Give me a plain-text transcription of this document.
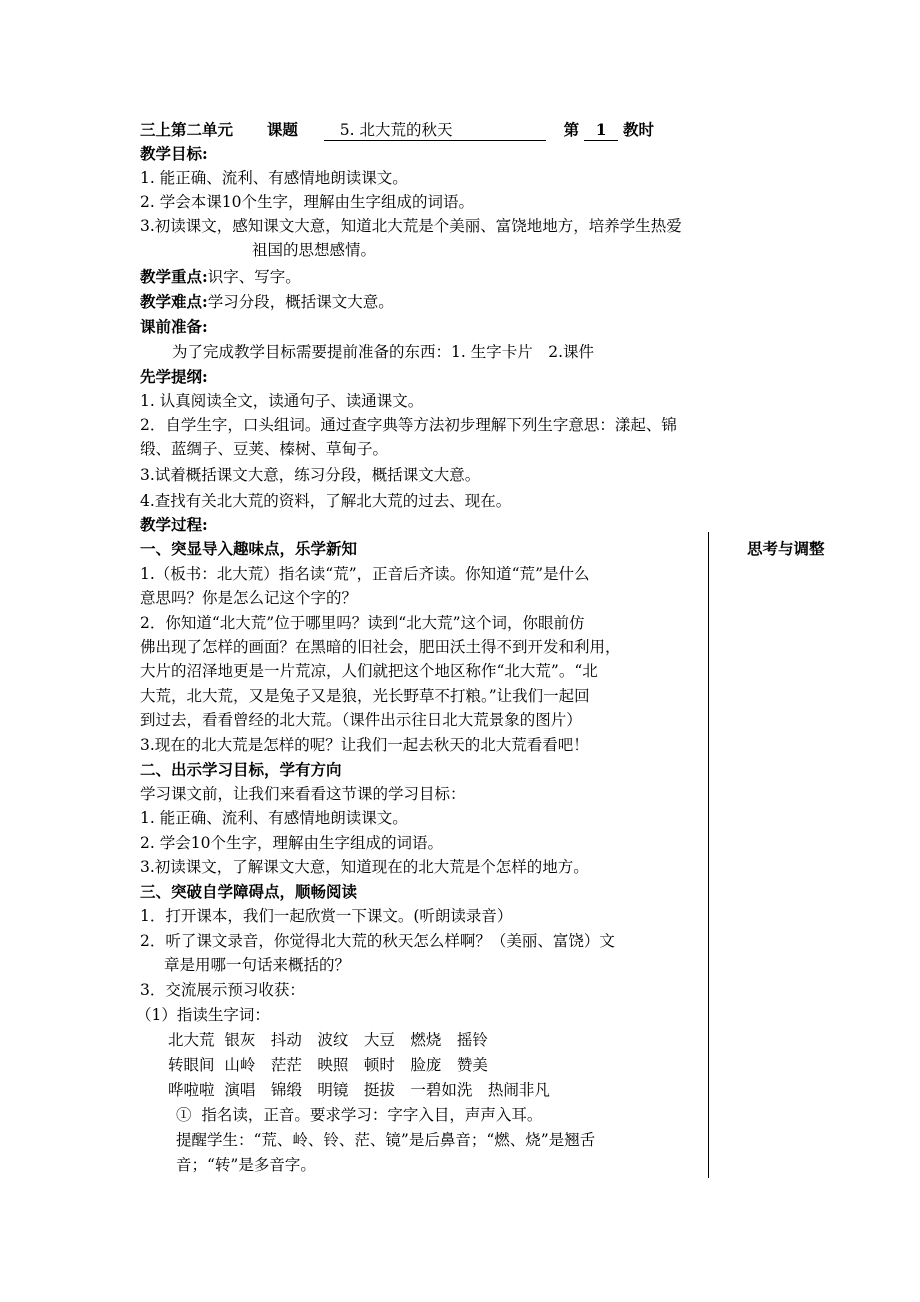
三上第二单元 课题	5. 北大荒的秋天	第 1 教时
教学目标:
1. 能正确、流利、有感情地朗读课文。
2. 学会本课10个生字，理解由生字组成的词语。
3.初读课文，感知课文大意，知道北大荒是个美丽、富饶地地方，培养学生热爱
祖国的思想感情。
教学重点:识字、写字。
教学难点:学习分段，概括课文大意。
课前准备:
为了完成教学目标需要提前准备的东西：1. 生字卡片　2.课件
先学提纲:
1. 认真阅读全文，读通句子、读通课文。
2．自学生字，口头组词。通过查字典等方法初步理解下列生字意思：漾起、锦
缎、蓝绸子、豆荚、榛树、草甸子。
3.试着概括课文大意，练习分段，概括课文大意。
4.查找有关北大荒的资料，了解北大荒的过去、现在。
教学过程:
思考与调整
一、突显导入趣味点，乐学新知
1.（板书：北大荒）指名读“荒”，正音后齐读。你知道“荒”是什么
意思吗？你是怎么记这个字的？
2．你知道“北大荒”位于哪里吗？读到“北大荒”这个词，你眼前仿
佛出现了怎样的画面？在黑暗的旧社会，肥田沃土得不到开发和利用，
大片的沼泽地更是一片荒凉，人们就把这个地区称作“北大荒”。“北
大荒，北大荒，又是兔子又是狼，光长野草不打粮。”让我们一起回
到过去，看看曾经的北大荒。（课件出示往日北大荒景象的图片）
3.现在的北大荒是怎样的呢？让我们一起去秋天的北大荒看看吧！
二、出示学习目标，学有方向
学习课文前，让我们来看看这节课的学习目标：
1. 能正确、流利、有感情地朗读课文。
2. 学会10个生字，理解由生字组成的词语。
3.初读课文，了解课文大意，知道现在的北大荒是个怎样的地方。
三、突破自学障碍点，顺畅阅读
1．打开课本，我们一起欣赏一下课文。(听朗读录音）
2．听了课文录音，你觉得北大荒的秋天怎么样啊？（美丽、富饶）文
章是用哪一句话来概括的？
3．交流展示预习收获：
（1）指读生字词：
北大荒  银灰　抖动　波纹　大豆　燃烧　摇铃
转眼间  山岭　茫茫　映照　顿时　脸庞　赞美
哗啦啦  演唱　锦缎　明镜　挺拔　一碧如洗　热闹非凡
①  指名读，正音。要求学习：字字入目，声声入耳。
提醒学生：“荒、岭、铃、茫、镜”是后鼻音；“燃、烧”是翘舌
音；“转”是多音字。
